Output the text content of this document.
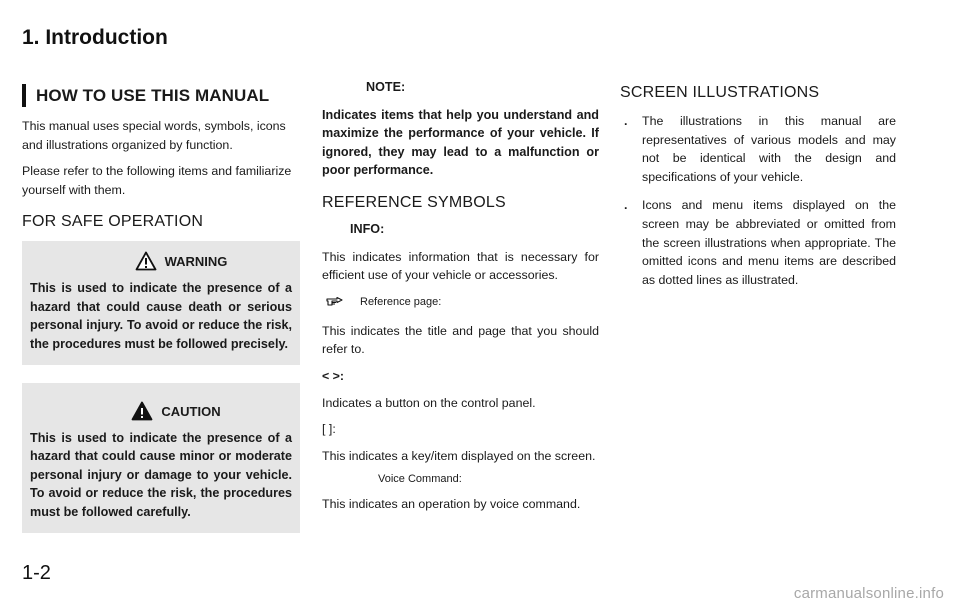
1. Introduction
HOW TO USE THIS MANUAL

This manual uses special words, symbols, icons and illustrations organized by function.

Please refer to the following items and familiarize yourself with them.

FOR SAFE OPERATION
WARNING

This is used to indicate the presence of a hazard that could cause death or serious personal injury. To avoid or reduce the risk, the procedures must be followed precisely.

CAUTION

This is used to indicate the presence of a hazard that could cause minor or moderate personal injury or damage to your vehicle. To avoid or reduce the risk, the procedures must be followed carefully.

NOTE:

Indicates items that help you understand and maximize the performance of your vehicle. If ignored, they may lead to a malfunction or poor performance.

REFERENCE SYMBOLS
INFO:

This indicates information that is necessary for efficient use of your vehicle or accessories.

Reference page:

This indicates the title and page that you should refer to.

< >:

Indicates a button on the control panel.

[ ]:

This indicates a key/item displayed on the screen.

Voice Command:

This indicates an operation by voice command.

SCREEN ILLUSTRATIONS
.	The illustrations in this manual are representatives of various models and may not be identical with the design and specifications of your vehicle.
.	Icons and menu items displayed on the screen may be abbreviated or omitted from the screen illustrations when appropriate. The omitted icons and menu items are described as dotted lines as illustrated.
1-2
carmanualsonline.info
